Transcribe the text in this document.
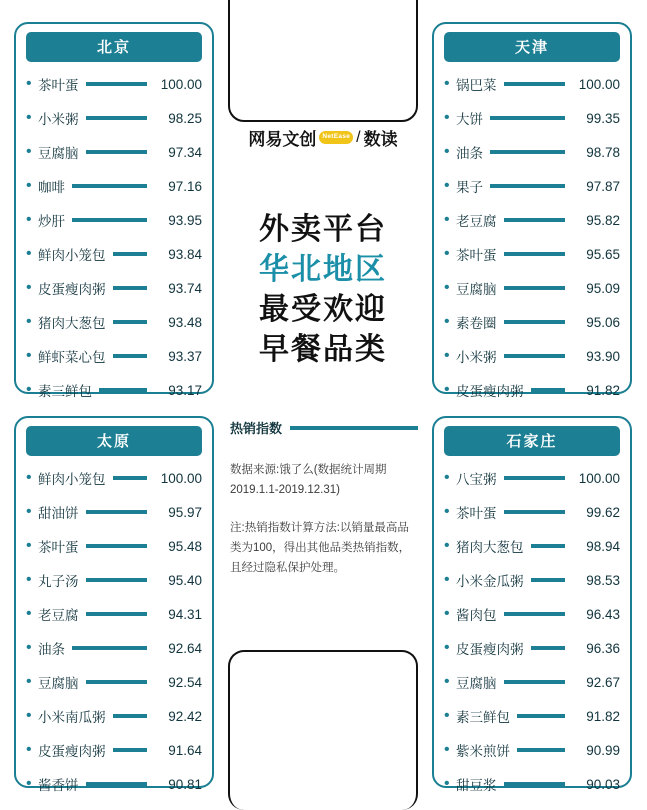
北京
• 茶叶蛋	100.00
• 小米粥	98.25
• 豆腐脑	97.34
• 咖啡	97.16
• 炒肝	93.95
• 鲜肉小笼包	93.84
• 皮蛋瘦肉粥	93.74
• 猪肉大葱包	93.48
• 鲜虾菜心包	93.37
• 素三鲜包	93.17
天津
• 锅巴菜	100.00
• 大饼	99.35
• 油条	98.78
• 果子	97.87
• 老豆腐	95.82
• 茶叶蛋	95.65
• 豆腐脑	95.09
• 素卷圈	95.06
• 小米粥	93.90
• 皮蛋瘦肉粥	91.82
太原
• 鲜肉小笼包	100.00
• 甜油饼	95.97
• 茶叶蛋	95.48
• 丸子汤	95.40
• 老豆腐	94.31
• 油条	92.64
• 豆腐脑	92.54
• 小米南瓜粥	92.42
• 皮蛋瘦肉粥	91.64
• 酱香饼	90.81
石家庄
• 八宝粥	100.00
• 茶叶蛋	99.62
• 猪肉大葱包	98.94
• 小米金瓜粥	98.53
• 酱肉包	96.43
• 皮蛋瘦肉粥	96.36
• 豆腐脑	92.67
• 素三鲜包	91.82
• 紫米煎饼	90.99
• 甜豆浆	90.03
网易文创 NetEase / 数读
外卖平台
华北地区
最受欢迎
早餐品类
热销指数
数据来源:饿了么(数据统计周期2019.1.1-2019.12.31)
注:热销指数计算方法:以销量最高品类为100，得出其他品类热销指数，且经过隐私保护处理。
